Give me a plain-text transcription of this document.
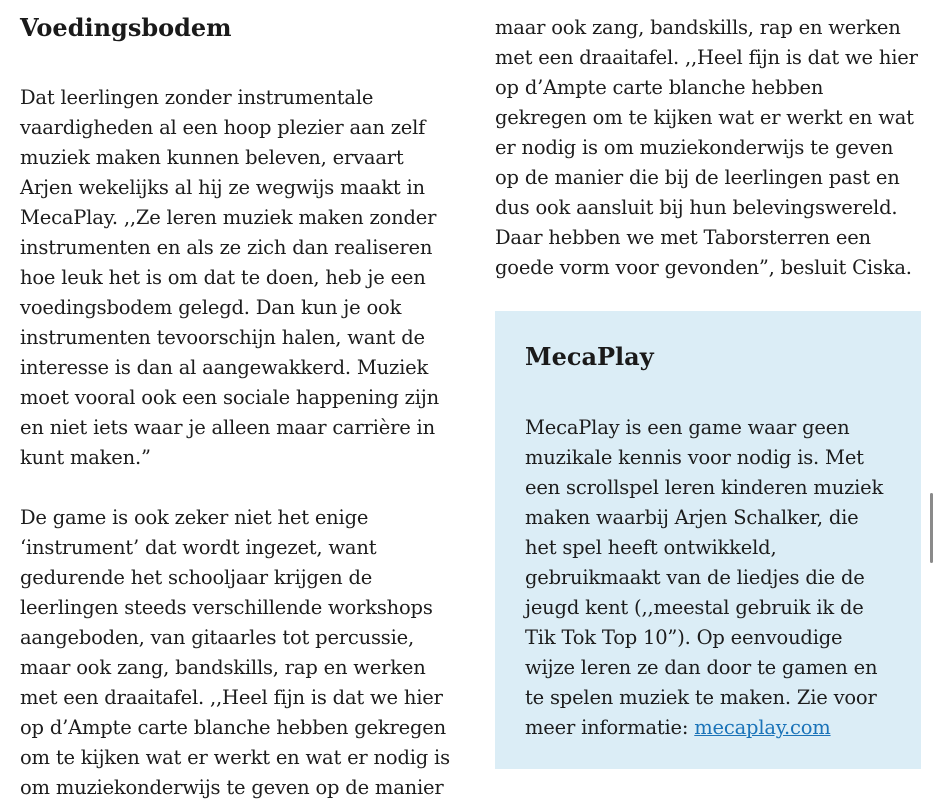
Voedingsbodem

Dat leerlingen zonder instrumentale vaardigheden al een hoop plezier aan zelf muziek maken kunnen beleven, ervaart Arjen wekelijks al hij ze wegwijs maakt in MecaPlay. ,,Ze leren muziek maken zonder instrumenten en als ze zich dan realiseren hoe leuk het is om dat te doen, heb je een voedingsbodem gelegd. Dan kun je ook instrumenten tevoorschijn halen, want de interesse is dan al aangewakkerd. Muziek moet vooral ook een sociale happening zijn en niet iets waar je alleen maar carrière in kunt maken.”

De game is ook zeker niet het enige ‘instrument’ dat wordt ingezet, want gedurende het schooljaar krijgen de leerlingen steeds verschillende workshops aangeboden, van gitaarles tot percussie, maar ook zang, bandskills, rap en werken met een draaitafel. ,,Heel fijn is dat we hier op d’Ampte carte blanche hebben gekregen om te kijken wat er werkt en wat er nodig is om muziekonderwijs te geven op de manier

maar ook zang, bandskills, rap en werken met een draaitafel. ,,Heel fijn is dat we hier op d’Ampte carte blanche hebben gekregen om te kijken wat er werkt en wat er nodig is om muziekonderwijs te geven op de manier die bij de leerlingen past en dus ook aansluit bij hun belevingswereld. Daar hebben we met Taborsterren een goede vorm voor gevonden”, besluit Ciska.

MecaPlay

MecaPlay is een game waar geen muzikale kennis voor nodig is. Met een scrollspel leren kinderen muziek maken waarbij Arjen Schalker, die het spel heeft ontwikkeld, gebruikmaakt van de liedjes die de jeugd kent (,,meestal gebruik ik de Tik Tok Top 10”). Op eenvoudige wijze leren ze dan door te gamen en te spelen muziek te maken. Zie voor meer informatie: mecaplay.com
